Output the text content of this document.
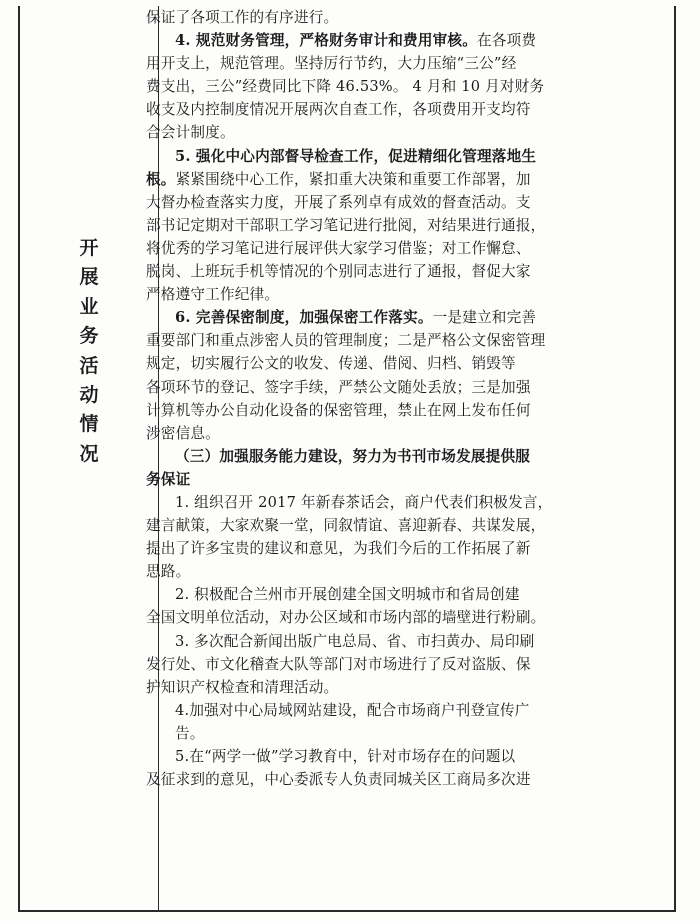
开
展
业
务
活
动
情
况
保证了各项工作的有序进行。
4. 规范财务管理，严格财务审计和费用审核。在各项费
用开支上，规范管理。坚持厉行节约，大力压缩“三公”经
费支出，三公”经费同比下降 46.53%。 4 月和 10 月对财务
收支及内控制度情况开展两次自查工作，各项费用开支均符
合会计制度。
5. 强化中心内部督导检查工作，促进精细化管理落地生
根。紧紧围绕中心工作，紧扣重大决策和重要工作部署，加
大督办检查落实力度，开展了系列卓有成效的督查活动。支
部书记定期对干部职工学习笔记进行批阅，对结果进行通报，
将优秀的学习笔记进行展评供大家学习借鉴；对工作懈怠、
脱岗、上班玩手机等情况的个别同志进行了通报，督促大家
严格遵守工作纪律。
6. 完善保密制度，加强保密工作落实。一是建立和完善
重要部门和重点涉密人员的管理制度；二是严格公文保密管理
规定，切实履行公文的收发、传递、借阅、归档、销毁等
各项环节的登记、签字手续，严禁公文随处丢放；三是加强
计算机等办公自动化设备的保密管理，禁止在网上发布任何
涉密信息。
（三）加强服务能力建设，努力为书刊市场发展提供服
务保证
1. 组织召开 2017 年新春茶话会，商户代表们积极发言，
建言献策，大家欢聚一堂，同叙情谊、喜迎新春、共谋发展，
提出了许多宝贵的建议和意见，为我们今后的工作拓展了新
思路。
2. 积极配合兰州市开展创建全国文明城市和省局创建
全国文明单位活动，对办公区域和市场内部的墙壁进行粉刷。
3. 多次配合新闻出版广电总局、省、市扫黄办、局印刷
发行处、市文化稽查大队等部门对市场进行了反对盗版、保
护知识产权检查和清理活动。
4.加强对中心局域网站建设，配合市场商户刊登宣传广
告。
5.在“两学一做”学习教育中，针对市场存在的问题以
及征求到的意见，中心委派专人负责同城关区工商局多次进
